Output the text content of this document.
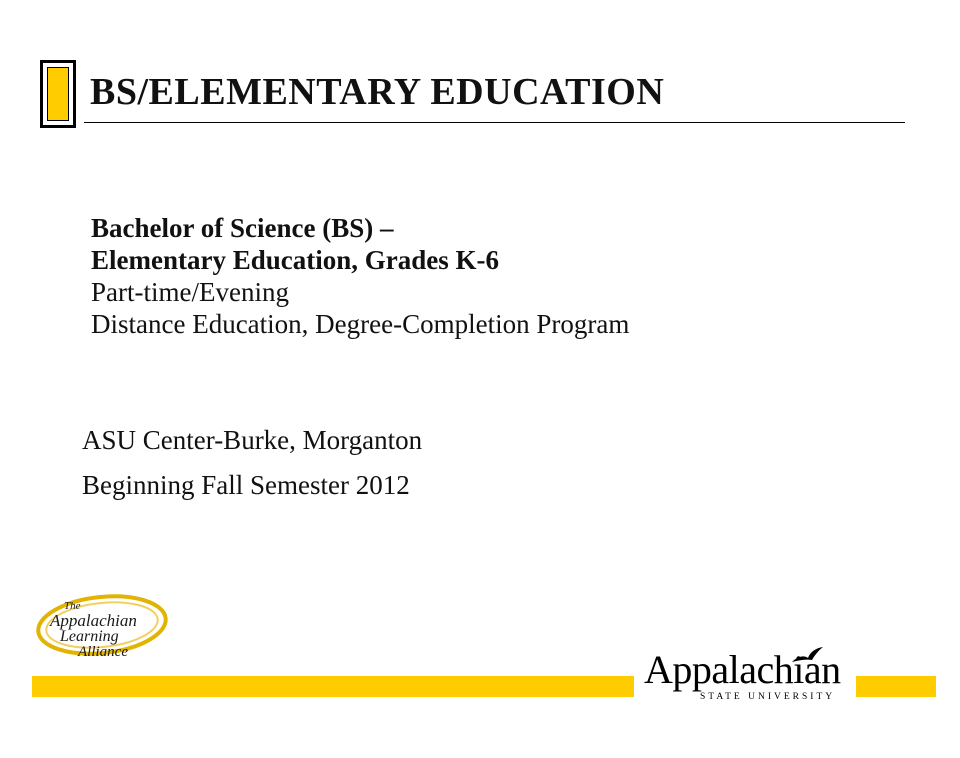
BS/ELEMENTARY EDUCATION
Bachelor of Science (BS) –
Elementary Education, Grades K-6
Part-time/Evening
Distance Education, Degree-Completion Program
ASU Center-Burke, Morganton
Beginning Fall Semester 2012
The
Appalachian
Learning
Alliance	Appalachian
STATE UNIVERSITY
